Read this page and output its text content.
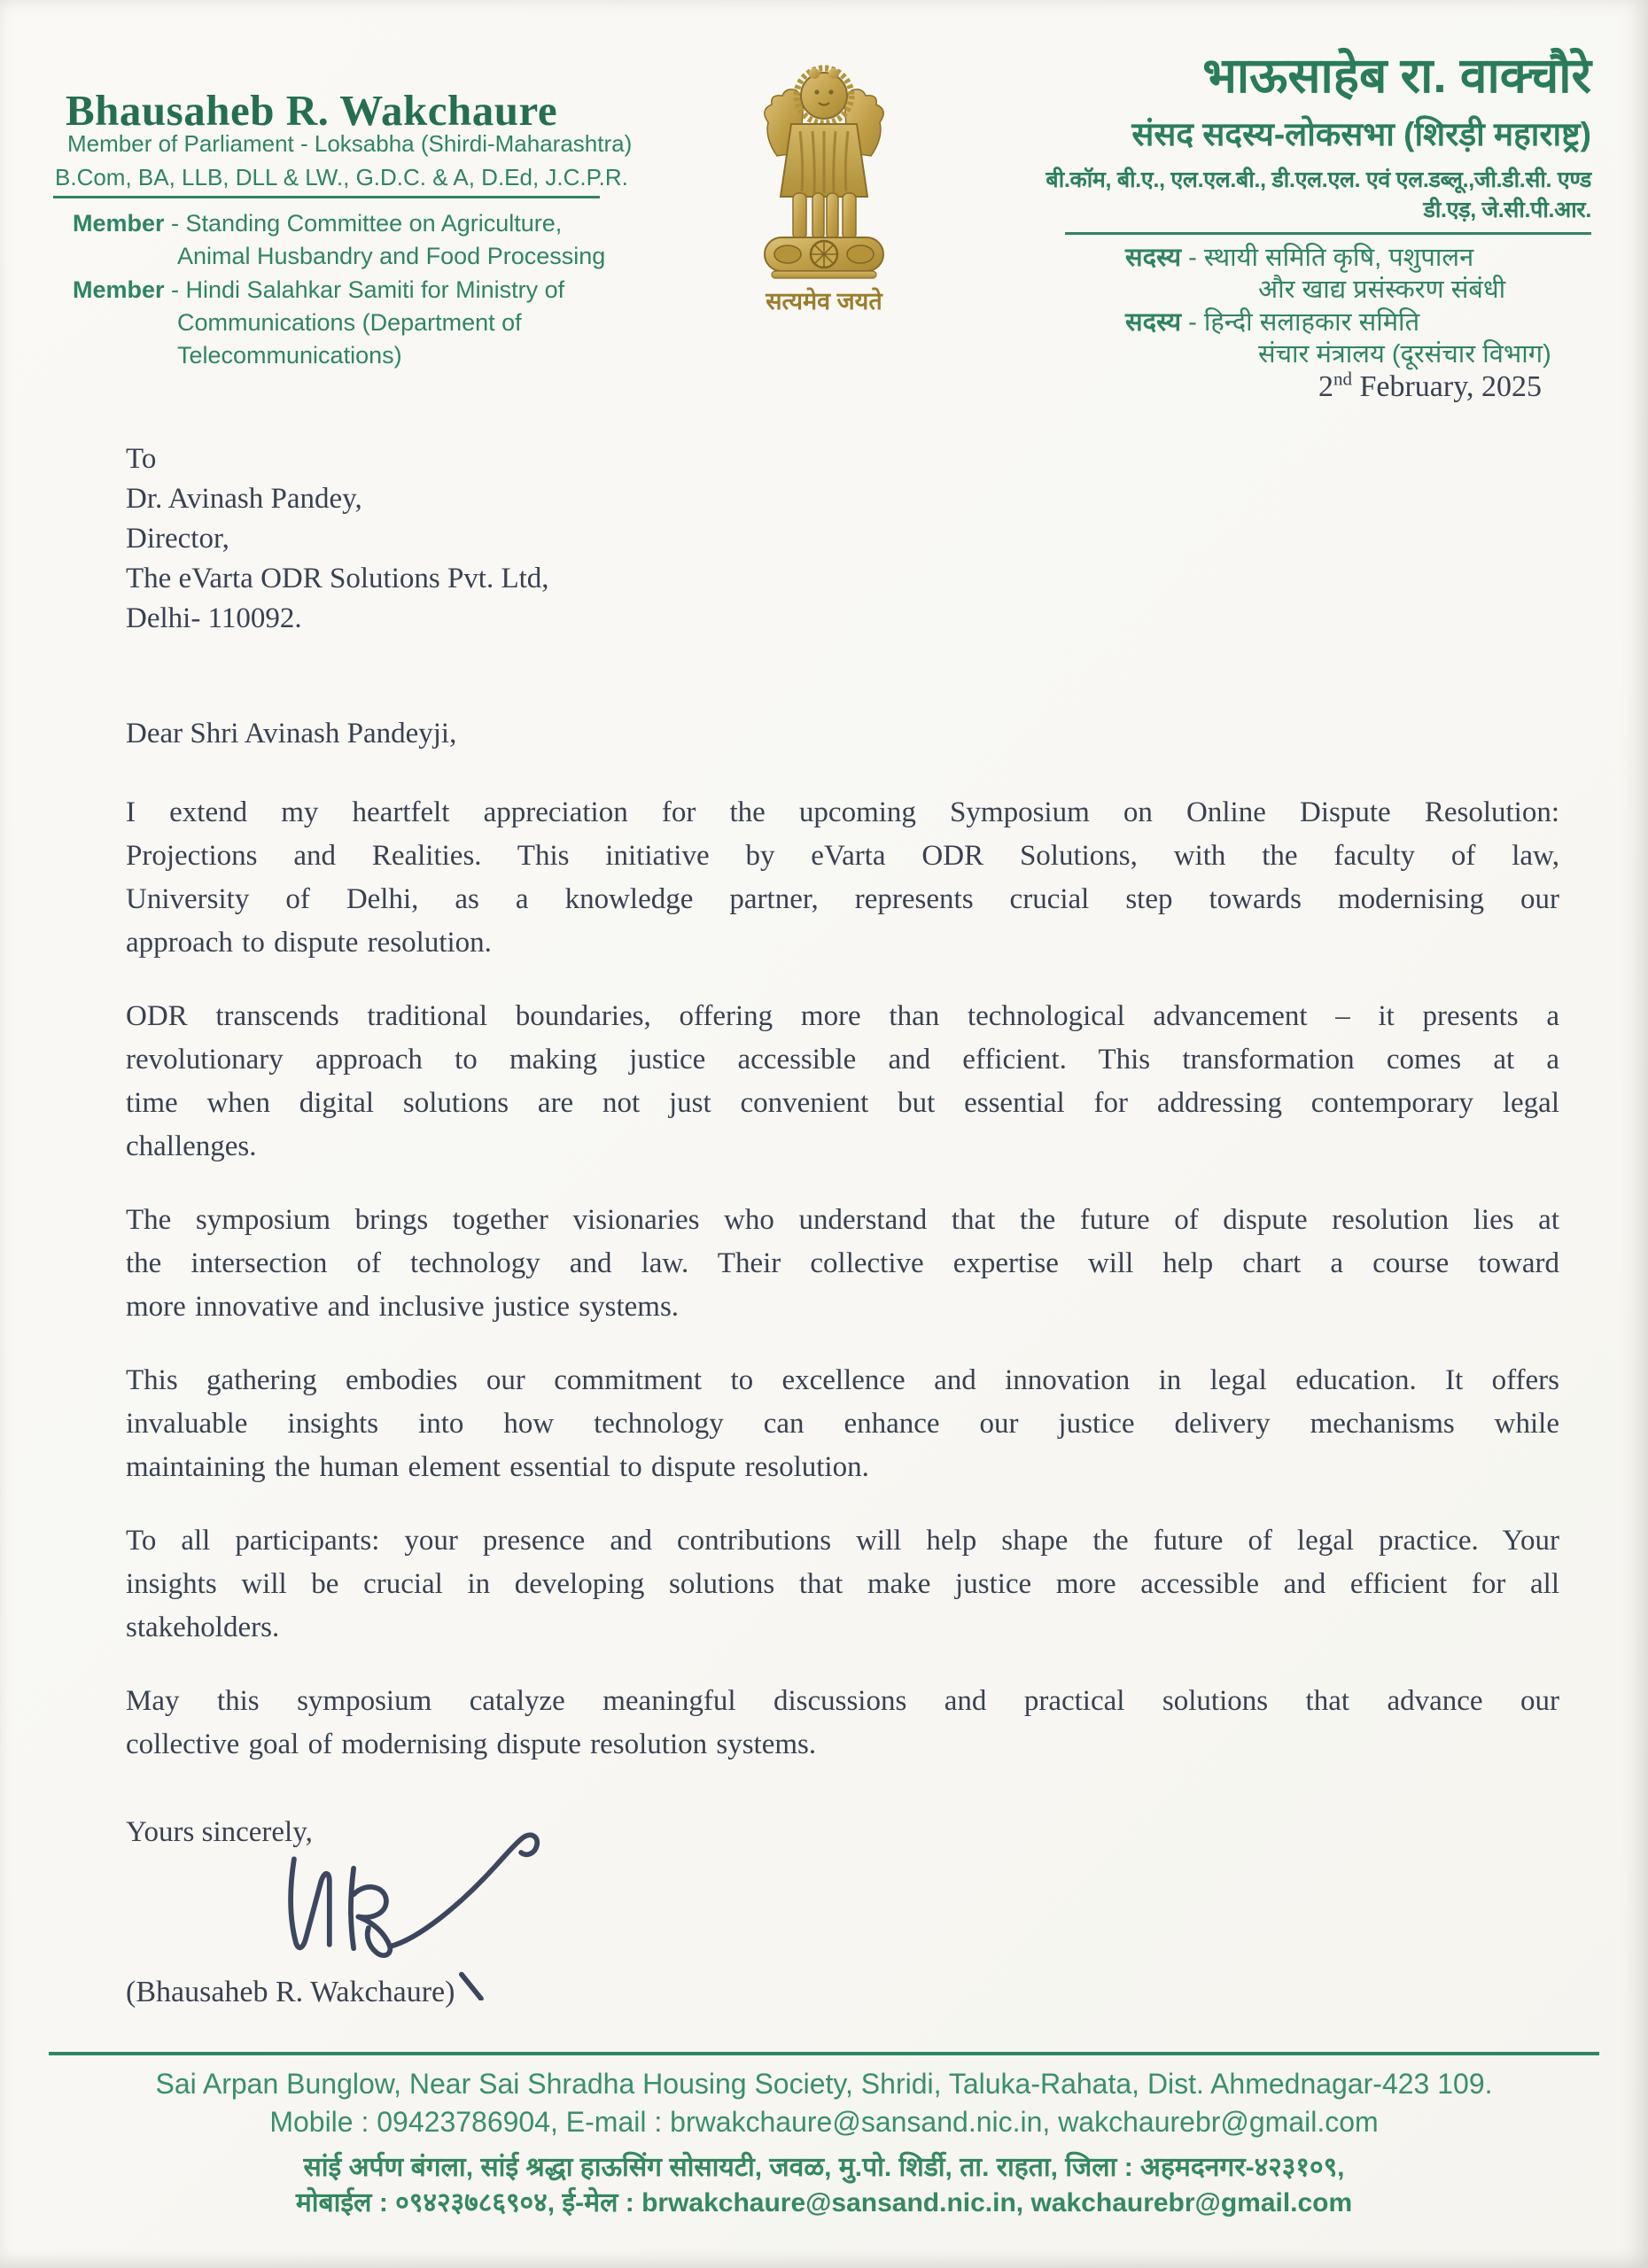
Bhausaheb R. Wakchaure
Member of Parliament - Loksabha (Shirdi-Maharashtra)
B.Com, BA, LLB, DLL & LW., G.D.C. & A, D.Ed, J.C.P.R.
Member - Standing Committee on Agriculture,
Animal Husbandry and Food Processing
Member - Hindi Salahkar Samiti for Ministry of
Communications (Department of Telecommunications)
सत्यमेव जयते
भाऊसाहेब रा. वाक्चौरे
संसद सदस्य-लोकसभा (शिरड़ी महाराष्ट्र)
बी.कॉम, बी.ए., एल.एल.बी., डी.एल.एल. एवं एल.डब्लू.,जी.डी.सी. एण्ड डी.एड़, जे.सी.पी.आर.
सदस्य - स्थायी समिति कृषि, पशुपालन
और खाद्य प्रसंस्करण संबंधी
सदस्य - हिन्दी सलाहकार समिति
संचार मंत्रालय (दूरसंचार विभाग)
2nd February, 2025
To
Dr. Avinash Pandey,
Director,
The eVarta ODR Solutions Pvt. Ltd,
Delhi- 110092.
Dear Shri Avinash Pandeyji,
I extend my heartfelt appreciation for the upcoming Symposium on Online Dispute Resolution:
Projections and Realities. This initiative by eVarta ODR Solutions, with the faculty of law,
University of Delhi, as a knowledge partner, represents crucial step towards modernising our
approach to dispute resolution.
ODR transcends traditional boundaries, offering more than technological advancement – it presents a
revolutionary approach to making justice accessible and efficient. This transformation comes at a
time when digital solutions are not just convenient but essential for addressing contemporary legal
challenges.
The symposium brings together visionaries who understand that the future of dispute resolution lies at
the intersection of technology and law. Their collective expertise will help chart a course toward
more innovative and inclusive justice systems.
This gathering embodies our commitment to excellence and innovation in legal education. It offers
invaluable insights into how technology can enhance our justice delivery mechanisms while
maintaining the human element essential to dispute resolution.
To all participants: your presence and contributions will help shape the future of legal practice. Your
insights will be crucial in developing solutions that make justice more accessible and efficient for all
stakeholders.
May this symposium catalyze meaningful discussions and practical solutions that advance our
collective goal of modernising dispute resolution systems.
Yours sincerely,
(Bhausaheb R. Wakchaure)
Sai Arpan Bunglow, Near Sai Shradha Housing Society, Shridi, Taluka-Rahata, Dist. Ahmednagar-423 109.
Mobile : 09423786904, E-mail : brwakchaure@sansand.nic.in, wakchaurebr@gmail.com
सांई अर्पण बंगला, सांई श्रद्धा हाऊसिंग सोसायटी, जवळ, मु.पो. शिर्डी, ता. राहता, जिला : अहमदनगर-४२३१०९,
मोबाईल : ०९४२३७८६९०४, ई-मेल : brwakchaure@sansand.nic.in, wakchaurebr@gmail.com
